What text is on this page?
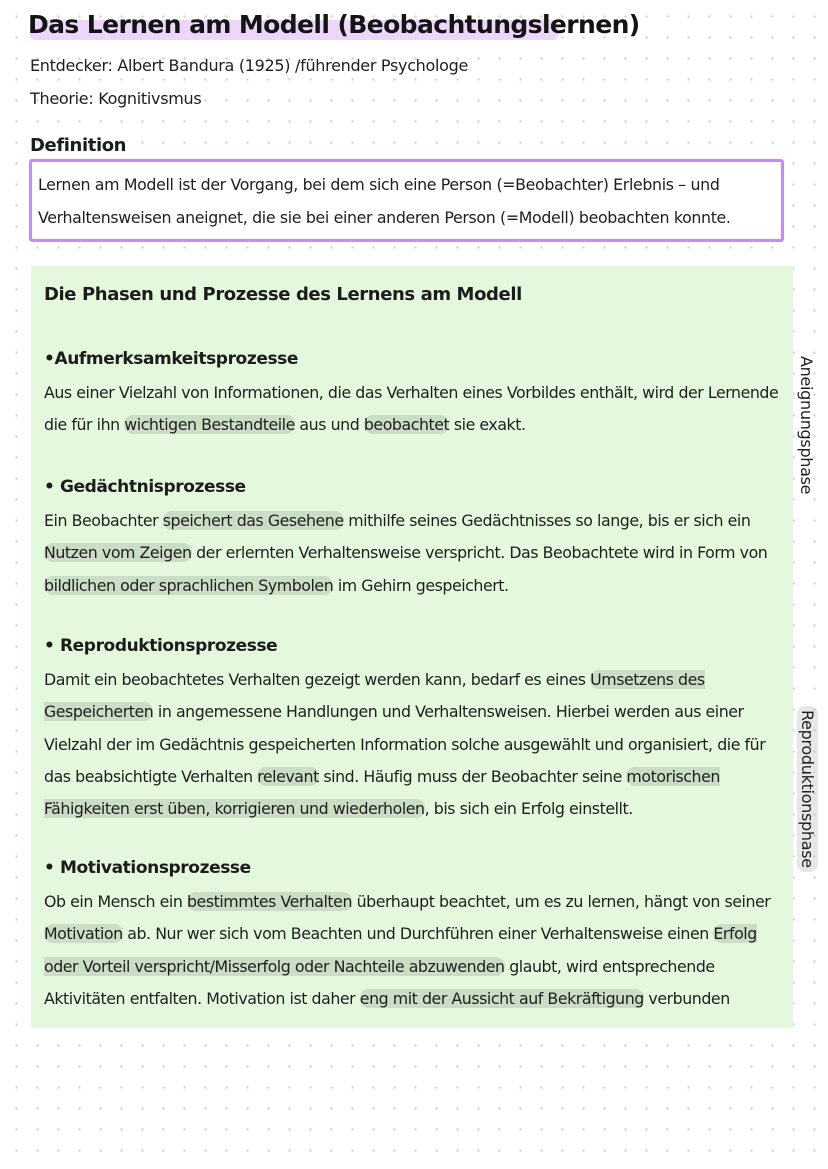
Das Lernen am Modell (Beobachtungslernen)
Entdecker: Albert Bandura (1925) /führender Psychologe
Theorie: Kognitivsmus
Definition

Lernen am Modell ist der Vorgang, bei dem sich eine Person (=Beobachter) Erlebnis – und Verhaltensweisen aneignet, die sie bei einer anderen Person (=Modell) beobachten konnte.

Die Phasen und Prozesse des Lernens am Modell
•Aufmerksamkeitsprozesse

Aus einer Vielzahl von Informationen, die das Verhalten eines Vorbildes enthält, wird der Lernende die für ihn wichtigen Bestandteile aus und beobachtet sie exakt.

• Gedächtnisprozesse

Ein Beobachter speichert das Gesehene mithilfe seines Gedächtnisses so lange, bis er sich ein Nutzen vom Zeigen der erlernten Verhaltensweise verspricht. Das Beobachtete wird in Form von bildlichen oder sprachlichen Symbolen im Gehirn gespeichert.

• Reproduktionsprozesse

Damit ein beobachtetes Verhalten gezeigt werden kann, bedarf es eines Umsetzens des Gespeicherten in angemessene Handlungen und Verhaltensweisen. Hierbei werden aus einer Vielzahl der im Gedächtnis gespeicherten Information solche ausgewählt und organisiert, die für das beabsichtigte Verhalten relevant sind. Häufig muss der Beobachter seine motorischen Fähigkeiten erst üben, korrigieren und wiederholen, bis sich ein Erfolg einstellt.

• Motivationsprozesse

Ob ein Mensch ein bestimmtes Verhalten überhaupt beachtet, um es zu lernen, hängt von seiner Motivation ab. Nur wer sich vom Beachten und Durchführen einer Verhaltensweise einen Erfolg oder Vorteil verspricht/Misserfolg oder Nachteile abzuwenden glaubt, wird entsprechende Aktivitäten entfalten. Motivation ist daher eng mit der Aussicht auf Bekräftigung verbunden

Aneignungsphase
Reproduktionsphase
